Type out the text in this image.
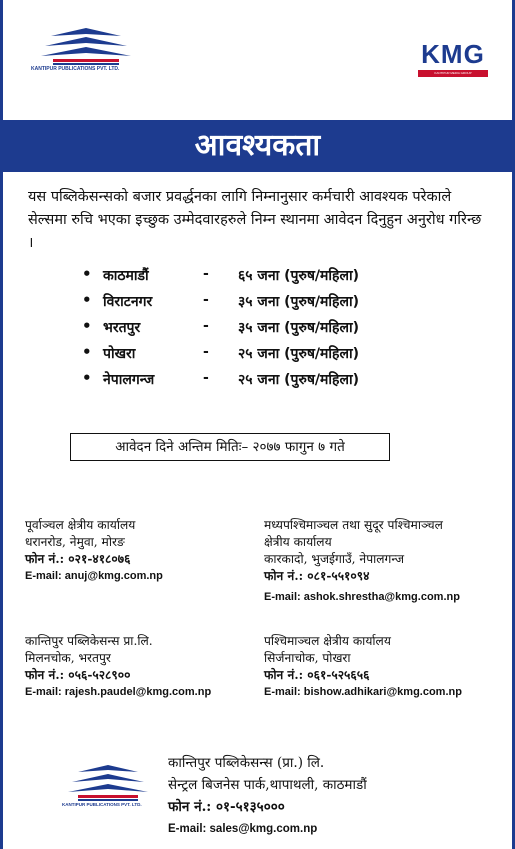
KANTIPUR PUBLICATIONS PVT. LTD.	KMG
KANTIPUR MEDIA GROUP
आवश्यकता
यस पब्लिकेसन्सको बजार प्रवर्द्धनका लागि निम्नानुसार कर्मचारी आवश्यक परेकाले सेल्समा रुचि भएका इच्छुक उम्मेदवारहरुले निम्न स्थानमा आवेदन दिनुहुन अनुरोध गरिन्छ ।
• काठमाडौं	- ६५ जना (पुरुष/महिला)
• विराटनगर	- ३५ जना (पुरुष/महिला)
• भरतपुर	- ३५ जना (पुरुष/महिला)
• पोखरा	- २५ जना (पुरुष/महिला)
• नेपालगन्ज	- २५ जना (पुरुष/महिला)
आवेदन दिने अन्तिम मितिः– २०७७ फागुन ७ गते
पूर्वाञ्चल क्षेत्रीय कार्यालय
धरानरोड, नेमुवा, मोरङ
फोन नं.: ०२१-४१८०७६
E-mail: anuj@kmg.com.np
मध्यपश्चिमाञ्चल तथा सुदूर पश्चिमाञ्चल
क्षेत्रीय कार्यालय
कारकादो, भुजईगाउँ, नेपालगन्ज
फोन नं.: ०८१-५५१०९४
E-mail: ashok.shrestha@kmg.com.np
कान्तिपुर पब्लिकेसन्स प्रा.लि.
मिलनचोक, भरतपुर
फोन नं.: ०५६-५२८९००
E-mail: rajesh.paudel@kmg.com.np
पश्चिमाञ्चल क्षेत्रीय कार्यालय
सिर्जनाचोक, पोखरा
फोन नं.: ०६१-५२५६५६
E-mail: bishow.adhikari@kmg.com.np
KANTIPUR PUBLICATIONS PVT. LTD.
कान्तिपुर पब्लिकेसन्स (प्रा.) लि.
सेन्ट्रल बिजनेस पार्क,थापाथली, काठमाडौं
फोन नं.: ०१-५१३५०००
E-mail: sales@kmg.com.np
